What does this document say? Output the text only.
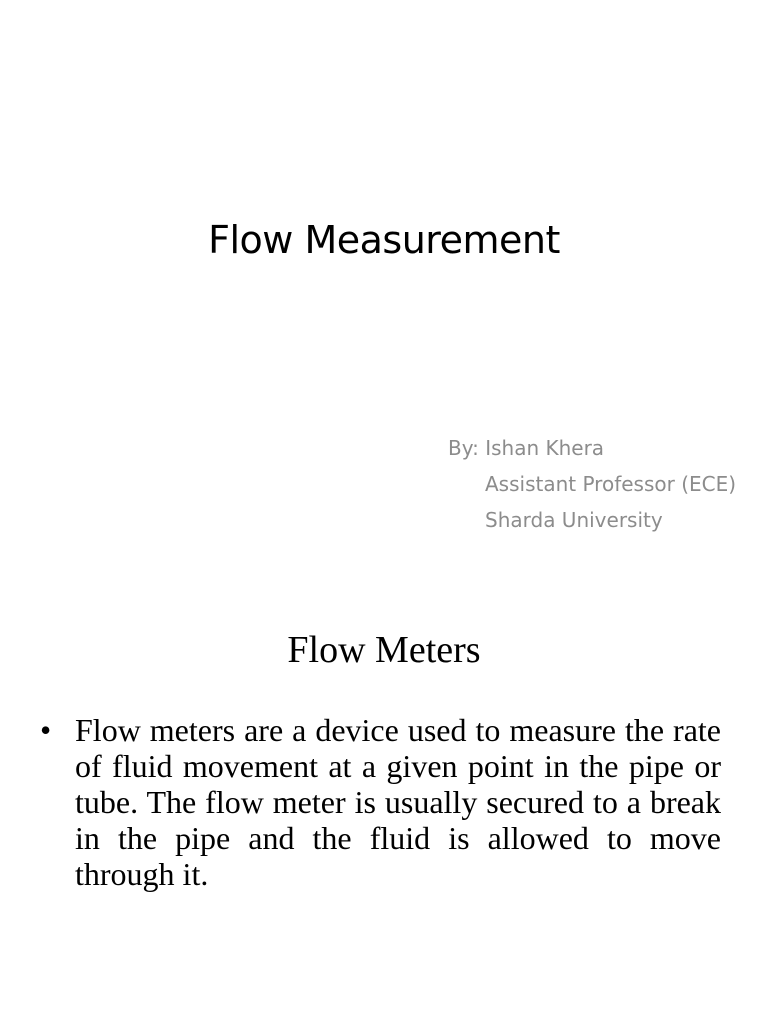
Flow Measurement
By: Ishan Khera
Assistant Professor (ECE)
Sharda University
Flow Meters
• Flow meters are a device used to measure the rate of fluid movement at a given point in the pipe or tube. The flow meter is usually secured to a break in the pipe and the fluid is allowed to move through it.
